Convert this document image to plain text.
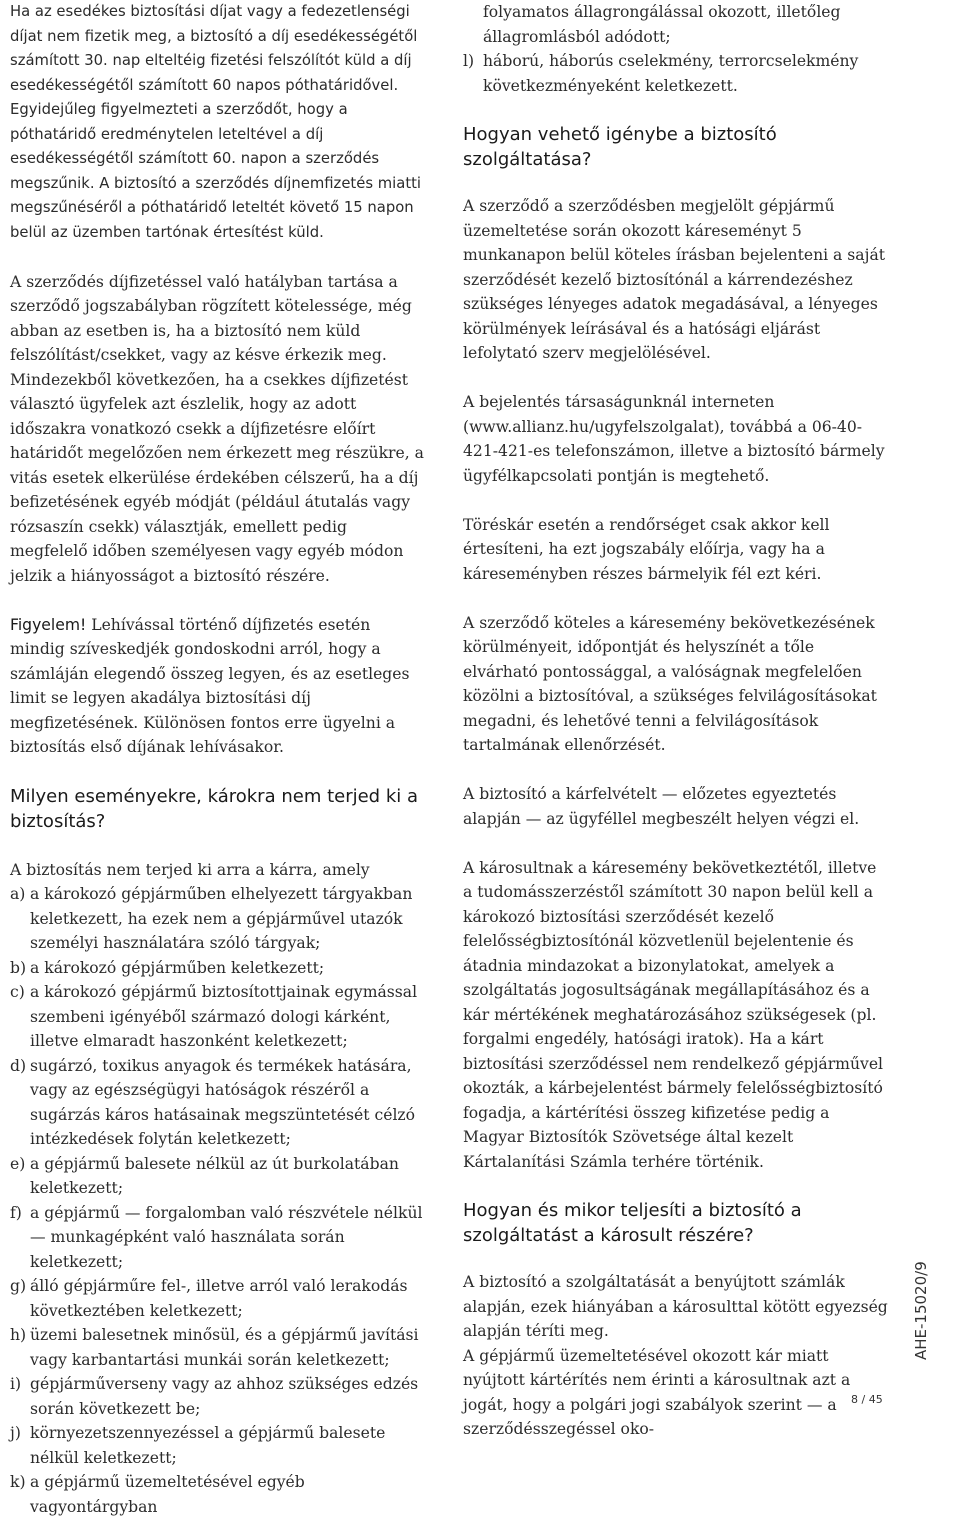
Ha az esedékes biztosítási díjat vagy a fedezetlenségi díjat nem fizetik meg, a biztosító a díj esedékességétől számított 30. nap elteltéig fizetési felszólítót küld a díj esedékességétől számított 60 napos póthatáridővel. Egyidejűleg figyelmezteti a szerződőt, hogy a póthatáridő eredménytelen leteltével a díj esedékességétől számított 60. napon a szerződés megszűnik. A biztosító a szerződés díjnemfizetés miatti megszűnéséről a póthatáridő leteltét követő 15 napon belül az üzemben tartónak értesítést küld.

A szerződés díjfizetéssel való hatályban tartása a szerződő jogszabályban rögzített kötelessége, még abban az esetben is, ha a biztosító nem küld felszólítást/csekket, vagy az késve érkezik meg. Mindezekből következően, ha a csekkes díjfizetést választó ügyfelek azt észlelik, hogy az adott időszakra vonatkozó csekk a díjfizetésre előírt határidőt megelőzően nem érkezett meg részükre, a vitás esetek elkerülése érdekében célszerű, ha a díj befizetésének egyéb módját (például átutalás vagy rózsaszín csekk) választják, emellett pedig megfelelő időben személyesen vagy egyéb módon jelzik a hiányosságot a biztosító részére.

Figyelem! Lehívással történő díjfizetés esetén mindig szíveskedjék gondoskodni arról, hogy a számláján elegendő összeg legyen, és az esetleges limit se legyen akadálya biztosítási díj megfizetésének. Különösen fontos erre ügyelni a biztosítás első díjának lehívásakor.

Milyen eseményekre, károkra nem terjed ki a biztosítás?

A biztosítás nem terjed ki arra a kárra, amely

a) a károkozó gépjárműben elhelyezett tárgyakban keletkezett, ha ezek nem a gépjárművel utazók személyi használatára szóló tárgyak;
b) a károkozó gépjárműben keletkezett;
c) a károkozó gépjármű biztosítottjainak egymással szembeni igényéből származó dologi kárként, illetve elmaradt haszonként keletkezett;
d) sugárzó, toxikus anyagok és termékek hatására, vagy az egészségügyi hatóságok részéről a sugárzás káros hatásainak megszüntetését célzó intézkedések folytán keletkezett;
e) a gépjármű balesete nélkül az út burkolatában keletkezett;
f) a gépjármű — forgalomban való részvétele nélkül — munkagépként való használata során keletkezett;
g) álló gépjárműre fel-, illetve arról való lerakodás következtében keletkezett;
h) üzemi balesetnek minősül, és a gépjármű javítási vagy karbantartási munkái során keletkezett;
i) gépjárműverseny vagy az ahhoz szükséges edzés során következett be;
j) környezetszennyezéssel a gépjármű balesete nélkül keletkezett;
k) a gépjármű üzemeltetésével egyéb vagyontárgyban
folyamatos állagrongálással okozott, illetőleg állagromlásból adódott;
l) háború, háborús cselekmény, terrorcselekmény következményeként keletkezett.
Hogyan vehető igénybe a biztosító szolgáltatása?

A szerződő a szerződésben megjelölt gépjármű üzemeltetése során okozott káreseményt 5 munkanapon belül köteles írásban bejelenteni a saját szerződését kezelő biztosítónál a kárrendezéshez szükséges lényeges adatok megadásával, a lényeges körülmények leírásával és a hatósági eljárást lefolytató szerv megjelölésével.

A bejelentés társaságunknál interneten (www.allianz.hu/ugyfelszolgalat), továbbá a 06-40-421-421-es telefonszámon, illetve a biztosító bármely ügyfélkapcsolati pontján is megtehető.

Töréskár esetén a rendőrséget csak akkor kell értesíteni, ha ezt jogszabály előírja, vagy ha a káreseményben részes bármelyik fél ezt kéri.

A szerződő köteles a káresemény bekövetkezésének körülményeit, időpontját és helyszínét a tőle elvárható pontossággal, a valóságnak megfelelően közölni a biztosítóval, a szükséges felvilágosításokat megadni, és lehetővé tenni a felvilágosítások tartalmának ellenőrzését.

A biztosító a kárfelvételt — előzetes egyeztetés alapján — az ügyféllel megbeszélt helyen végzi el.

A károsultnak a káresemény bekövetkeztétől, illetve a tudomásszerzéstől számított 30 napon belül kell a károkozó biztosítási szerződését kezelő felelősségbiztosítónál közvetlenül bejelentenie és átadnia mindazokat a bizonylatokat, amelyek a szolgáltatás jogosultságának megállapításához és a kár mértékének meghatározásához szükségesek (pl. forgalmi engedély, hatósági iratok). Ha a kárt biztosítási szerződéssel nem rendelkező gépjárművel okozták, a kárbejelentést bármely felelősségbiztosító fogadja, a kártérítési összeg kifizetése pedig a Magyar Biztosítók Szövetsége által kezelt Kártalanítási Számla terhére történik.

Hogyan és mikor teljesíti a biztosító a szolgáltatást a károsult részére?

A biztosító a szolgáltatását a benyújtott számlák alapján, ezek hiányában a károsulttal kötött egyezség alapján téríti meg.

A gépjármű üzemeltetésével okozott kár miatt nyújtott kártérítés nem érinti a károsultnak azt a jogát, hogy a polgári jogi szabályok szerint — a szerződésszegéssel oko-

AHE-15020/9
8 / 45
